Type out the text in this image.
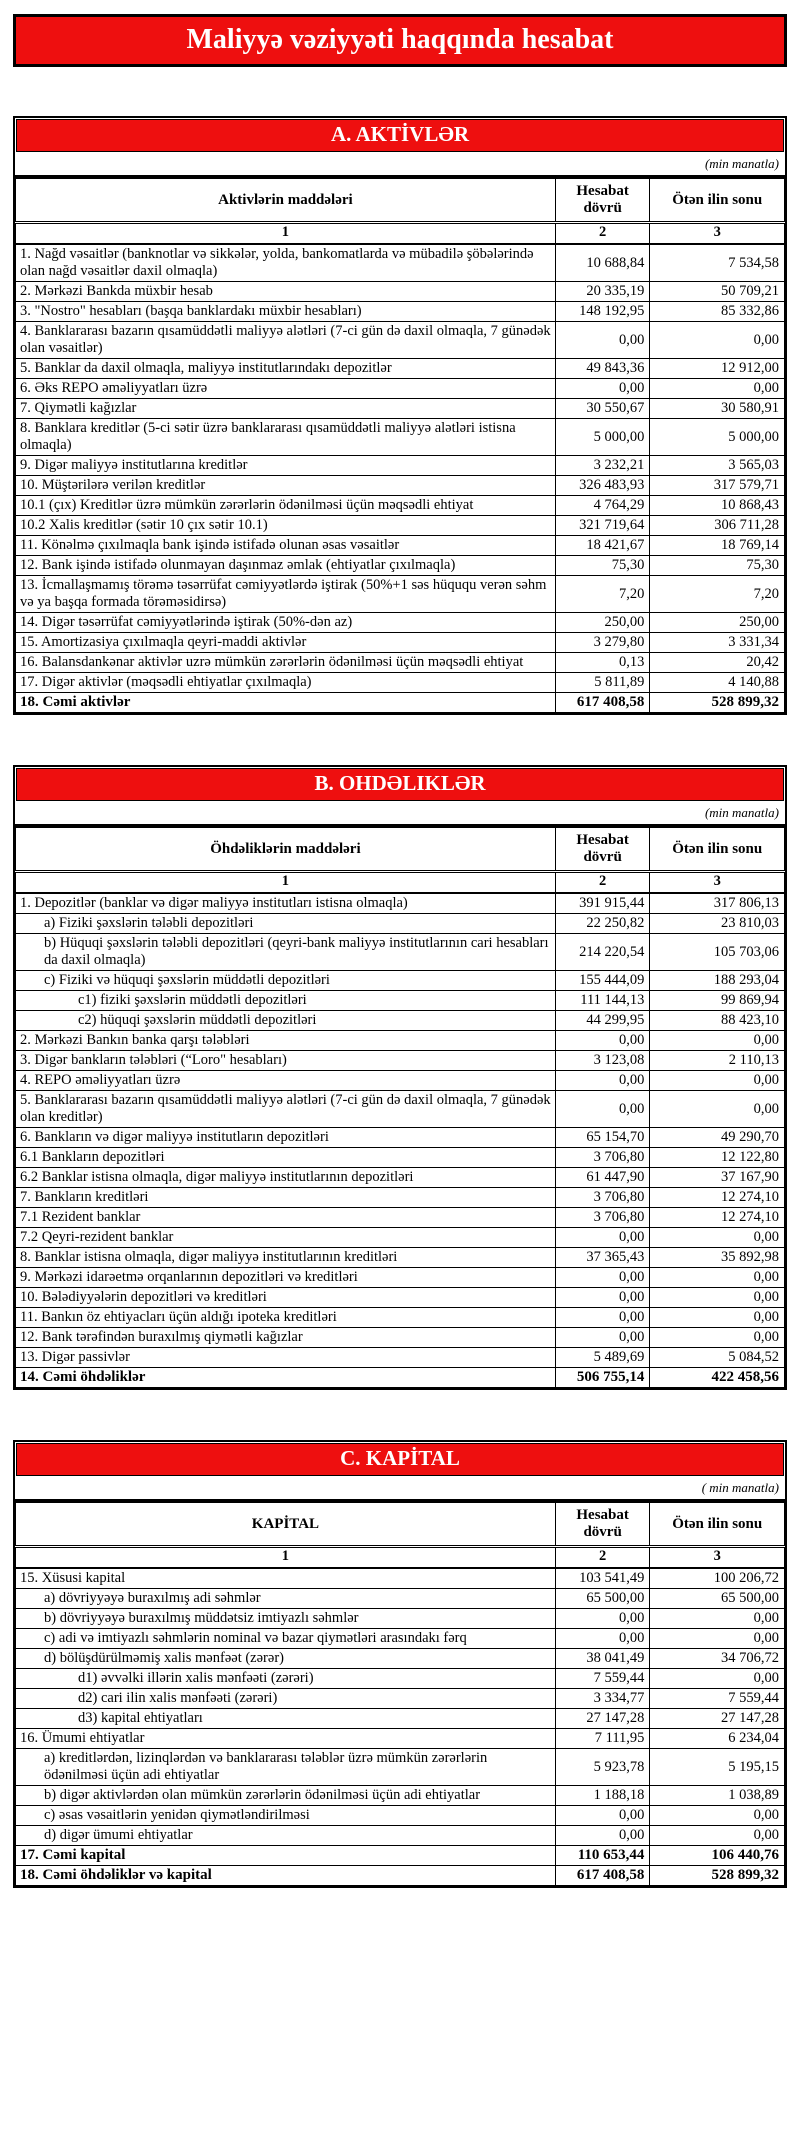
Maliyyə vəziyyəti haqqında hesabat
A. AKTİVLƏR
(min manatla)
Aktivlərin maddələri	Hesabat dövrü	Ötən ilin sonu
1	2	3
1. Nağd vəsaitlər (banknotlar və sikkələr, yolda, bankomatlarda və mübadilə şöbələrində olan nağd vəsaitlər daxil olmaqla)	10 688,84	7 534,58
2. Mərkəzi Bankda müxbir hesab	20 335,19	50 709,21
3. "Nostro" hesabları (başqa banklardakı müxbir hesabları)	148 192,95	85 332,86
4. Banklararası bazarın qısamüddətli maliyyə alətləri (7-ci gün də daxil olmaqla, 7 günədək olan vəsaitlər)	0,00	0,00
5. Banklar da daxil olmaqla, maliyyə institutlarındakı depozitlər	49 843,36	12 912,00
6. Əks REPO əməliyyatları üzrə	0,00	0,00
7. Qiymətli kağızlar	30 550,67	30 580,91
8. Banklara kreditlər (5-ci sətir üzrə banklararası qısamüddətli maliyyə alətləri istisna olmaqla)	5 000,00	5 000,00
9. Digər maliyyə institutlarına kreditlər	3 232,21	3 565,03
10. Müştərilərə verilən kreditlər	326 483,93	317 579,71
10.1 (çıx) Kreditlər üzrə mümkün zərərlərin ödənilməsi üçün məqsədli ehtiyat	4 764,29	10 868,43
10.2 Xalis kreditlər (sətir 10 çıx sətir 10.1)	321 719,64	306 711,28
11. Könəlmə çıxılmaqla bank işində istifadə olunan əsas vəsaitlər	18 421,67	18 769,14
12. Bank işində istifadə olunmayan daşınmaz əmlak (ehtiyatlar çıxılmaqla)	75,30	75,30
13. İcmallaşmamış törəmə təsərrüfat cəmiyyətlərdə iştirak (50%+1 səs hüququ verən səhm və ya başqa formada törəməsidirsə)	7,20	7,20
14. Digər təsərrüfat cəmiyyətlərində iştirak (50%-dən az)	250,00	250,00
15. Amortizasiya çıxılmaqla qeyri-maddi aktivlər	3 279,80	3 331,34
16. Balansdankənar aktivlər uzrə mümkün zərərlərin ödənilməsi üçün məqsədli ehtiyat	0,13	20,42
17. Digər aktivlər (məqsədli ehtiyatlar çıxılmaqla)	5 811,89	4 140,88
18. Cəmi aktivlər	617 408,58	528 899,32
B. OHDƏLIKLƏR
(min manatla)
Öhdəliklərin maddələri	Hesabat dövrü	Ötən ilin sonu
1	2	3
1. Depozitlər (banklar və digər maliyyə institutları istisna olmaqla)	391 915,44	317 806,13
a) Fiziki şəxslərin tələbli depozitləri	22 250,82	23 810,03
b) Hüquqi şəxslərin tələbli depozitləri (qeyri-bank maliyyə institutlarının cari hesabları da daxil olmaqla)	214 220,54	105 703,06
c) Fiziki və hüquqi şəxslərin müddətli depozitləri	155 444,09	188 293,04
c1) fiziki şəxslərin müddətli depozitləri	111 144,13	99 869,94
c2) hüquqi şəxslərin müddətli depozitləri	44 299,95	88 423,10
2. Mərkəzi Bankın banka qarşı tələbləri	0,00	0,00
3. Digər bankların tələbləri (“Loro" hesabları)	3 123,08	2 110,13
4. REPO əməliyyatları üzrə	0,00	0,00
5. Banklararası bazarın qısamüddətli maliyyə alətləri (7-ci gün də daxil olmaqla, 7 günədək olan kreditlər)	0,00	0,00
6. Bankların və digər maliyyə institutların depozitləri	65 154,70	49 290,70
6.1 Bankların depozitləri	3 706,80	12 122,80
6.2 Banklar istisna olmaqla, digər maliyyə institutlarının depozitləri	61 447,90	37 167,90
7. Bankların kreditləri	3 706,80	12 274,10
7.1 Rezident banklar	3 706,80	12 274,10
7.2 Qeyri-rezident banklar	0,00	0,00
8. Banklar istisna olmaqla, digər maliyyə institutlarının kreditləri	37 365,43	35 892,98
9. Mərkəzi idarəetmə orqanlarının depozitləri və kreditləri	0,00	0,00
10. Bələdiyyələrin depozitləri və kreditləri	0,00	0,00
11. Bankın öz ehtiyacları üçün aldığı ipoteka kreditləri	0,00	0,00
12. Bank tərəfindən buraxılmış qiymətli kağızlar	0,00	0,00
13. Digər passivlər	5 489,69	5 084,52
14. Cəmi öhdəliklər	506 755,14	422 458,56
C. KAPİTAL
( min manatla)
KAPİTAL	Hesabat dövrü	Ötən ilin sonu
1	2	3
15. Xüsusi kapital	103 541,49	100 206,72
a) dövriyyəyə buraxılmış adi səhmlər	65 500,00	65 500,00
b) dövriyyəyə buraxılmış müddətsiz imtiyazlı səhmlər	0,00	0,00
c) adi və imtiyazlı səhmlərin nominal və bazar qiymətləri arasındakı fərq	0,00	0,00
d) bölüşdürülməmiş xalis mənfəət (zərər)	38 041,49	34 706,72
d1) əvvəlki illərin xalis mənfəəti (zərəri)	7 559,44	0,00
d2) cari ilin xalis mənfəəti (zərəri)	3 334,77	7 559,44
d3) kapital ehtiyatları	27 147,28	27 147,28
16. Ümumi ehtiyatlar	7 111,95	6 234,04
a) kreditlərdən, lizinqlərdən və banklararası tələblər üzrə mümkün zərərlərin ödənilməsi üçün adi ehtiyatlar	5 923,78	5 195,15
b) digər aktivlərdən olan mümkün zərərlərin ödənilməsi üçün adi ehtiyatlar	1 188,18	1 038,89
c) əsas vəsaitlərin yenidən qiymətləndirilməsi	0,00	0,00
d) digər ümumi ehtiyatlar	0,00	0,00
17. Cəmi kapital	110 653,44	106 440,76
18. Cəmi öhdəliklər və kapital	617 408,58	528 899,32
